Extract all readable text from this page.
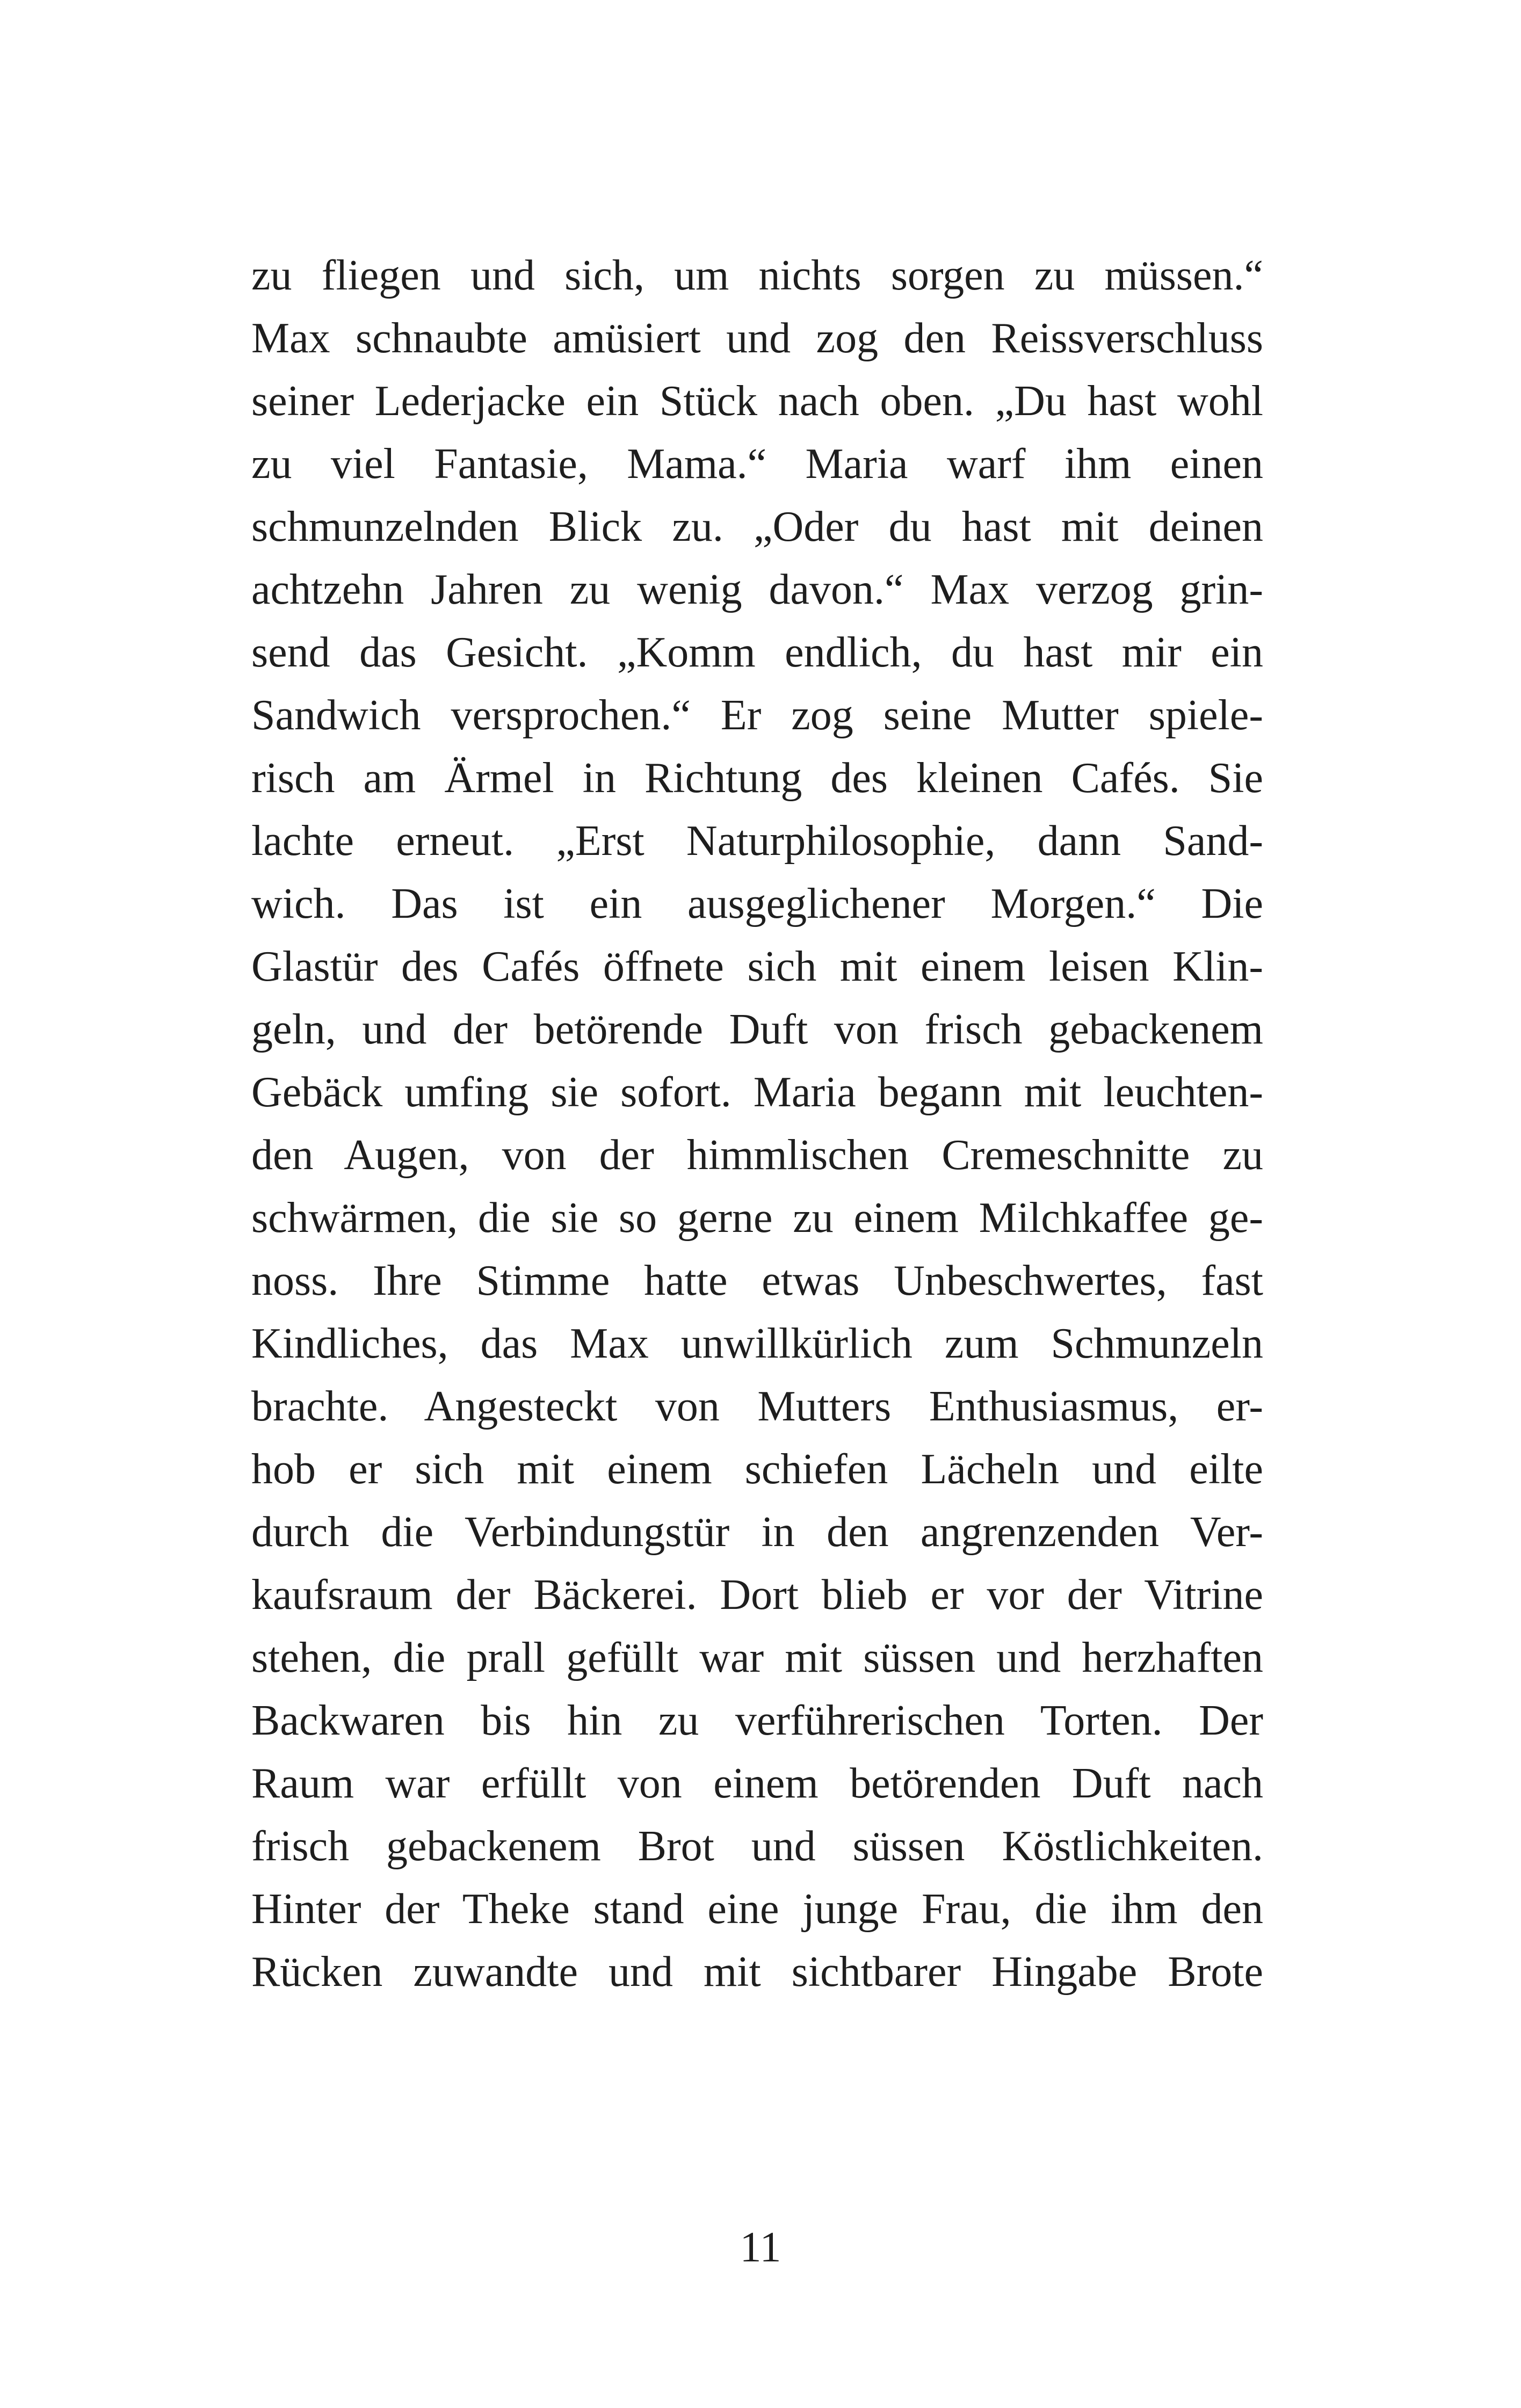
zu fliegen und sich, um nichts sorgen zu müssen.“
Max schnaubte amüsiert und zog den Reissverschluss
seiner Lederjacke ein Stück nach oben. „Du hast wohl
zu viel Fantasie, Mama.“ Maria warf ihm einen
schmunzelnden Blick zu. „Oder du hast mit deinen
achtzehn Jahren zu wenig davon.“ Max verzog grin-
send das Gesicht. „Komm endlich, du hast mir ein
Sandwich versprochen.“ Er zog seine Mutter spiele-
risch am Ärmel in Richtung des kleinen Cafés. Sie
lachte erneut. „Erst Naturphilosophie, dann Sand-
wich. Das ist ein ausgeglichener Morgen.“ Die
Glastür des Cafés öffnete sich mit einem leisen Klin-
geln, und der betörende Duft von frisch gebackenem
Gebäck umfing sie sofort. Maria begann mit leuchten-
den Augen, von der himmlischen Cremeschnitte zu
schwärmen, die sie so gerne zu einem Milchkaffee ge-
noss. Ihre Stimme hatte etwas Unbeschwertes, fast
Kindliches, das Max unwillkürlich zum Schmunzeln
brachte. Angesteckt von Mutters Enthusiasmus, er-
hob er sich mit einem schiefen Lächeln und eilte
durch die Verbindungstür in den angrenzenden Ver-
kaufsraum der Bäckerei. Dort blieb er vor der Vitrine
stehen, die prall gefüllt war mit süssen und herzhaften
Backwaren bis hin zu verführerischen Torten. Der
Raum war erfüllt von einem betörenden Duft nach
frisch gebackenem Brot und süssen Köstlichkeiten.
Hinter der Theke stand eine junge Frau, die ihm den
Rücken zuwandte und mit sichtbarer Hingabe Brote
11
